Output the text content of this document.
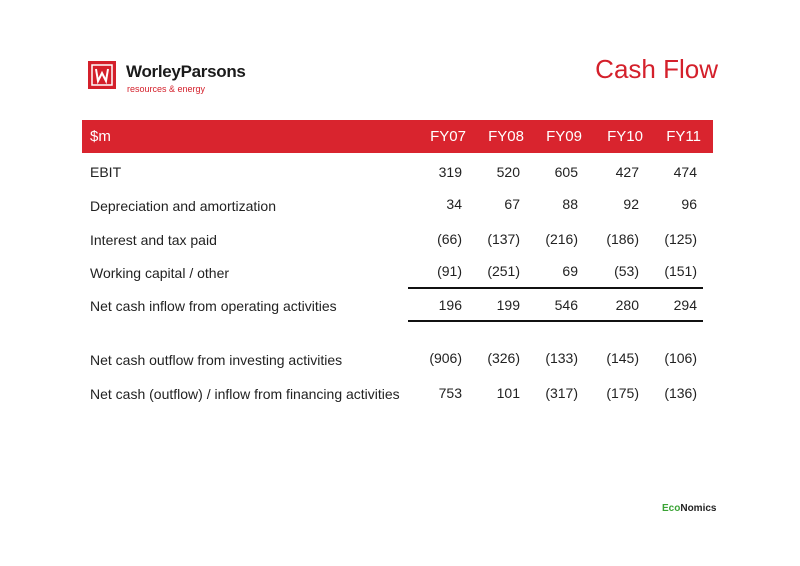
WorleyParsons
resources & energy
Cash Flow
$m	FY07	FY08	FY09	FY10	FY11
EBIT	319	520	605	427	474
Depreciation and amortization	34	67	88	92	96
Interest and tax paid	(66)	(137)	(216)	(186)	(125)
Working capital / other	(91)	(251)	69	(53)	(151)
Net cash inflow from operating activities	196	199	546	280	294
Net cash outflow from investing activities	(906)	(326)	(133)	(145)	(106)
Net cash (outflow) / inflow from financing activities	753	101	(317)	(175)	(136)
EcoNomics
